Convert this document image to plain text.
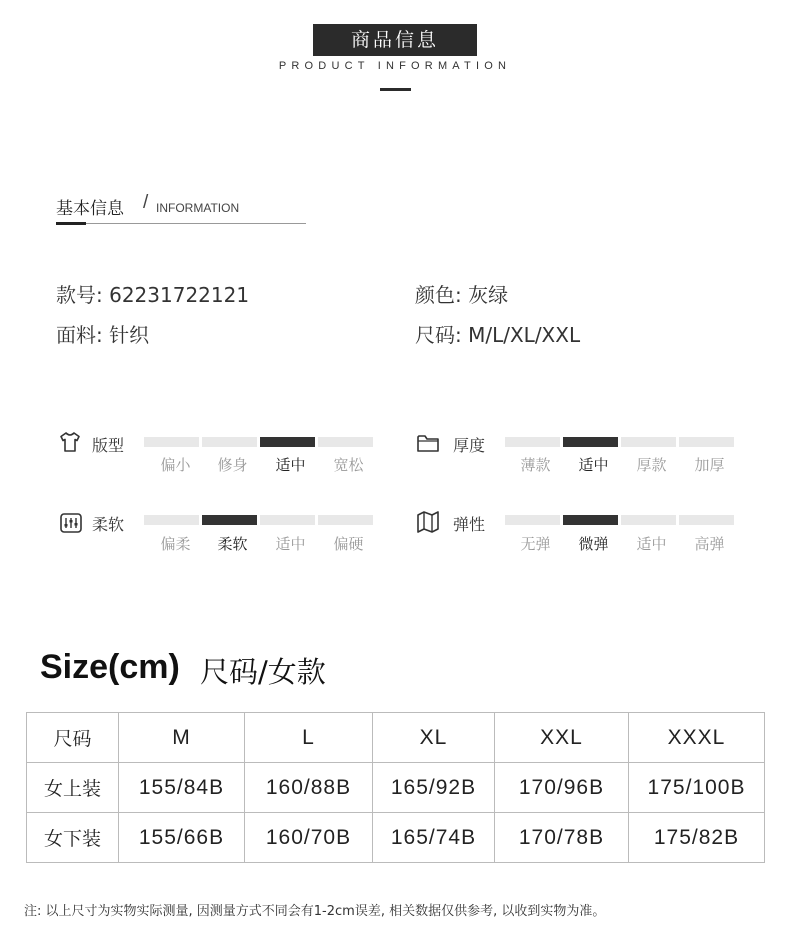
商品信息
PRODUCT INFORMATION
基本信息 / INFORMATION
款号: 62231722121	颜色: 灰绿
面料: 针织	尺码: M/L/XL/XXL
版型
偏小	修身	适中	宽松
厚度
薄款	适中	厚款	加厚
柔软
偏柔	柔软	适中	偏硬
弹性
无弹	微弹	适中	高弹
Size(cm) 尺码/女款
尺码	M	L	XL	XXL	XXXL
女上装	155/84B	160/88B	165/92B	170/96B	175/100B
女下装	155/66B	160/70B	165/74B	170/78B	175/82B
注: 以上尺寸为实物实际测量, 因测量方式不同会有1-2cm误差, 相关数据仅供参考, 以收到实物为准。
